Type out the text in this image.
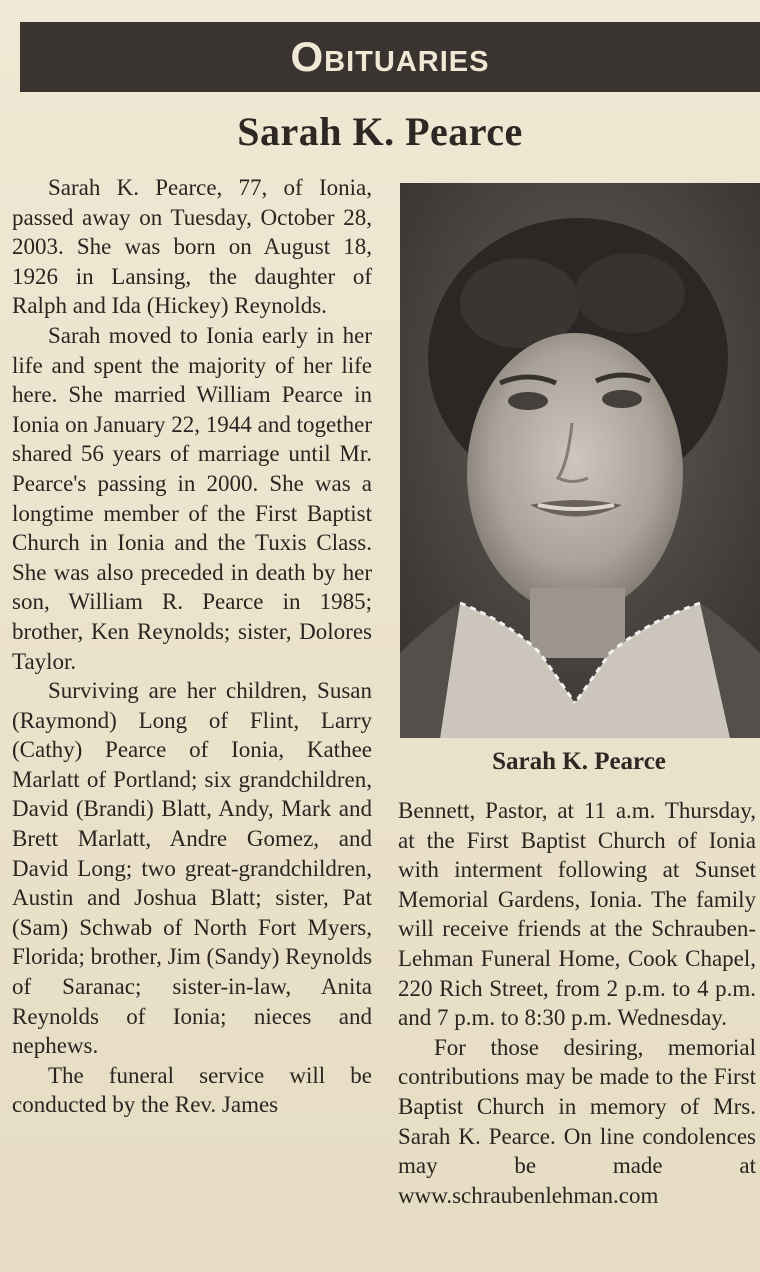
Obituaries
Sarah K. Pearce

Sarah K. Pearce, 77, of Ionia, passed away on Tuesday, October 28, 2003. She was born on August 18, 1926 in Lansing, the daughter of Ralph and Ida (Hickey) Reynolds.

Sarah moved to Ionia early in her life and spent the majority of her life here. She married William Pearce in Ionia on January 22, 1944 and together shared 56 years of marriage until Mr. Pearce's passing in 2000. She was a longtime member of the First Baptist Church in Ionia and the Tuxis Class. She was also preceded in death by her son, William R. Pearce in 1985; brother, Ken Reynolds; sister, Dolores Taylor.

Surviving are her children, Susan (Raymond) Long of Flint, Larry (Cathy) Pearce of Ionia, Kathee Marlatt of Portland; six grandchildren, David (Brandi) Blatt, Andy, Mark and Brett Marlatt, Andre Gomez, and David Long; two great-grandchildren, Austin and Joshua Blatt; sister, Pat (Sam) Schwab of North Fort Myers, Florida; brother, Jim (Sandy) Reynolds of Saranac; sister-in-law, Anita Reynolds of Ionia; nieces and nephews.

The funeral service will be conducted by the Rev. James

Sarah K. Pearce

Bennett, Pastor, at 11 a.m. Thursday, at the First Baptist Church of Ionia with interment following at Sunset Memorial Gardens, Ionia. The family will receive friends at the Schrauben-Lehman Funeral Home, Cook Chapel, 220 Rich Street, from 2 p.m. to 4 p.m. and 7 p.m. to 8:30 p.m. Wednesday.

For those desiring, memorial contributions may be made to the First Baptist Church in memory of Mrs. Sarah K. Pearce. On line condolences may be made at www.schraubenlehman.com
